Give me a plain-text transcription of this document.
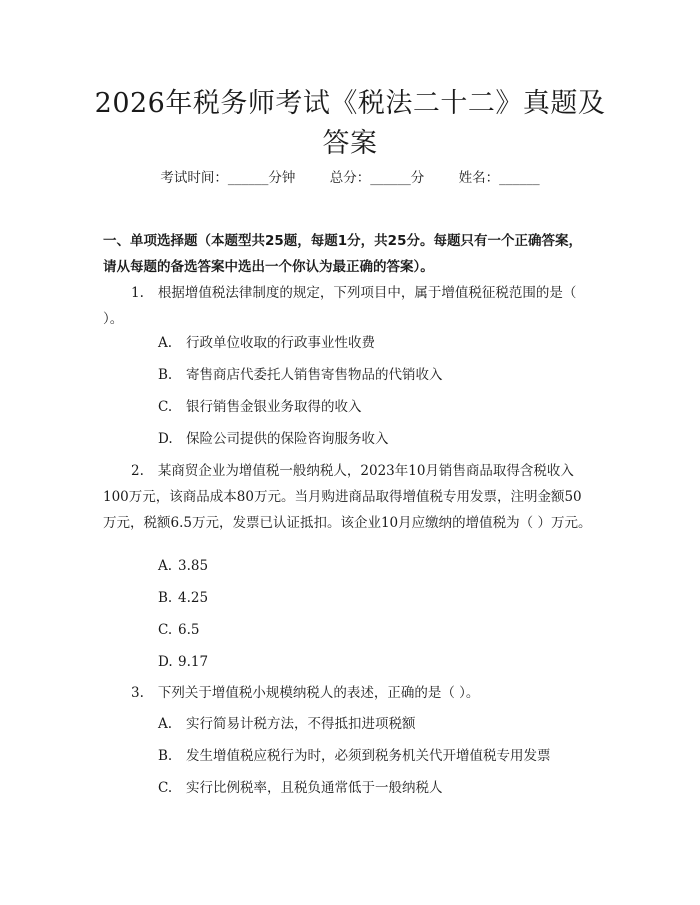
2026年税务师考试《税法二十二》真题及答案
考试时间：______分钟	总分：______分	姓名：______
一、单项选择题（本题型共25题，每题1分，共25分。每题只有一个正确答案，请从每题的备选答案中选出一个你认为最正确的答案）。
1. 根据增值税法律制度的规定，下列项目中，属于增值税征税范围的是（ ）。
A. 行政单位收取的行政事业性收费
B. 寄售商店代委托人销售寄售物品的代销收入
C. 银行销售金银业务取得的收入
D. 保险公司提供的保险咨询服务收入
2. 某商贸企业为增值税一般纳税人，2023年10月销售商品取得含税收入100万元，该商品成本80万元。当月购进商品取得增值税专用发票，注明金额50万元，税额6.5万元，发票已认证抵扣。该企业10月应缴纳的增值税为（ ）万元。
A. 3.85
B. 4.25
C. 6.5
D. 9.17
3. 下列关于增值税小规模纳税人的表述，正确的是（ ）。
A. 实行简易计税方法，不得抵扣进项税额
B. 发生增值税应税行为时，必须到税务机关代开增值税专用发票
C. 实行比例税率，且税负通常低于一般纳税人
